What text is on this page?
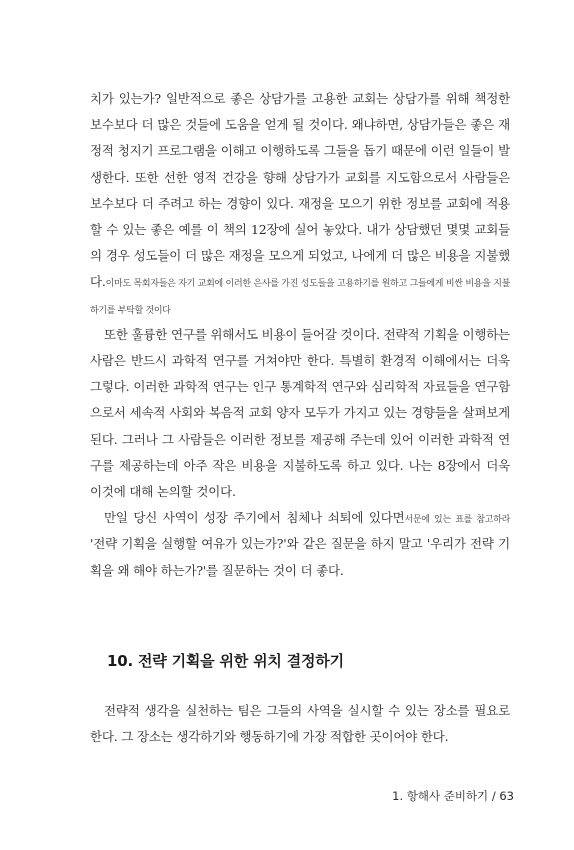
치가 있는가? 일반적으로 좋은 상담가를 고용한 교회는 상담가를 위해 책정한 보수보다 더 많은 것들에 도움을 얻게 될 것이다. 왜냐하면, 상담가들은 좋은 재정적 청지기 프로그램을 이해고 이행하도록 그들을 돕기 때문에 이런 일들이 발생한다. 또한 선한 영적 건강을 향해 상담가가 교회를 지도함으로서 사람들은 보수보다 더 주려고 하는 경향이 있다. 재정을 모으기 위한 정보를 교회에 적용할 수 있는 좋은 예를 이 책의 12장에 실어 놓았다. 내가 상담했던 몇몇 교회들의 경우 성도들이 더 많은 재정을 모으게 되었고, 나에게 더 많은 비용을 지불했다.이마도 목회자들은 자기 교회에 이러한 은사를 가진 성도들을 고용하기를 원하고 그들에게 비싼 비용을 지불하기를 부탁할 것이다

또한 훌륭한 연구를 위해서도 비용이 들어갈 것이다. 전략적 기획을 이행하는 사람은 반드시 과학적 연구를 거쳐야만 한다. 특별히 환경적 이해에서는 더욱 그렇다. 이러한 과학적 연구는 인구 통계학적 연구와 심리학적 자료들을 연구함으로서 세속적 사회와 복음적 교회 양자 모두가 가지고 있는 경향들을 살펴보게 된다. 그러나 그 사람들은 이러한 정보를 제공해 주는데 있어 이러한 과학적 연구를 제공하는데 아주 작은 비용을 지불하도록 하고 있다. 나는 8장에서 더욱 이것에 대해 논의할 것이다.

만일 당신 사역이 성장 주기에서 침체나 쇠퇴에 있다면서문에 있는 표를 참고하라 '전략 기획을 실행할 여유가 있는가?'와 같은 질문을 하지 말고 '우리가 전략 기획을 왜 해야 하는가?'를 질문하는 것이 더 좋다.

10. 전략 기획을 위한 위치 결정하기

전략적 생각을 실천하는 팀은 그들의 사역을 실시할 수 있는 장소를 필요로 한다. 그 장소는 생각하기와 행동하기에 가장 적합한 곳이어야 한다.

1. 항해사 준비하기 / 63
